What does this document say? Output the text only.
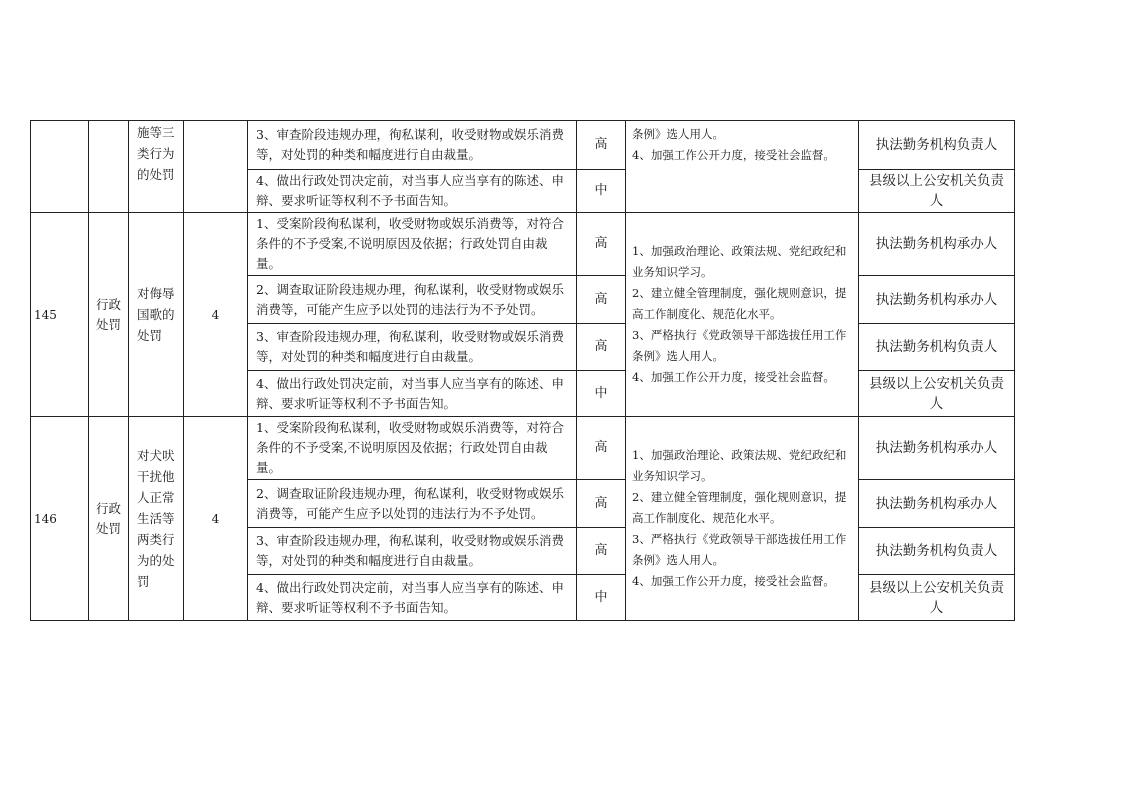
		施等三类行为的处罚		3、审查阶段违规办理，徇私谋利，收受财物或娱乐消费等，对处罚的种类和幅度进行自由裁量。	高	条例》选人用人。
4、加强工作公开力度，接受社会监督。	执法勤务机构负责人
				4、做出行政处罚决定前，对当事人应当享有的陈述、申辩、要求听证等权利不予书面告知。	中		县级以上公安机关负责人
145	行政处罚	对侮辱国歌的处罚	4	1、受案阶段徇私谋利，收受财物或娱乐消费等，对符合条件的不予受案,不说明原因及依据；行政处罚自由裁量。	高	1、加强政治理论、政策法规、党纪政纪和业务知识学习。
2、建立健全管理制度，强化规则意识，提高工作制度化、规范化水平。
3、严格执行《党政领导干部选拔任用工作条例》选人用人。
4、加强工作公开力度，接受社会监督。	执法勤务机构承办人
				2、调查取证阶段违规办理，徇私谋利，收受财物或娱乐消费等，可能产生应予以处罚的违法行为不予处罚。	高		执法勤务机构承办人
				3、审查阶段违规办理，徇私谋利，收受财物或娱乐消费等，对处罚的种类和幅度进行自由裁量。	高		执法勤务机构负责人
				4、做出行政处罚决定前，对当事人应当享有的陈述、申辩、要求听证等权利不予书面告知。	中		县级以上公安机关负责人
146	行政处罚	对犬吠干扰他人正常生活等两类行为的处罚	4	1、受案阶段徇私谋利，收受财物或娱乐消费等，对符合条件的不予受案,不说明原因及依据；行政处罚自由裁量。	高	1、加强政治理论、政策法规、党纪政纪和业务知识学习。
2、建立健全管理制度，强化规则意识，提高工作制度化、规范化水平。
3、严格执行《党政领导干部选拔任用工作条例》选人用人。
4、加强工作公开力度，接受社会监督。	执法勤务机构承办人
				2、调查取证阶段违规办理，徇私谋利，收受财物或娱乐消费等，可能产生应予以处罚的违法行为不予处罚。	高		执法勤务机构承办人
				3、审查阶段违规办理，徇私谋利，收受财物或娱乐消费等，对处罚的种类和幅度进行自由裁量。	高		执法勤务机构负责人
				4、做出行政处罚决定前，对当事人应当享有的陈述、申辩、要求听证等权利不予书面告知。	中		县级以上公安机关负责人
